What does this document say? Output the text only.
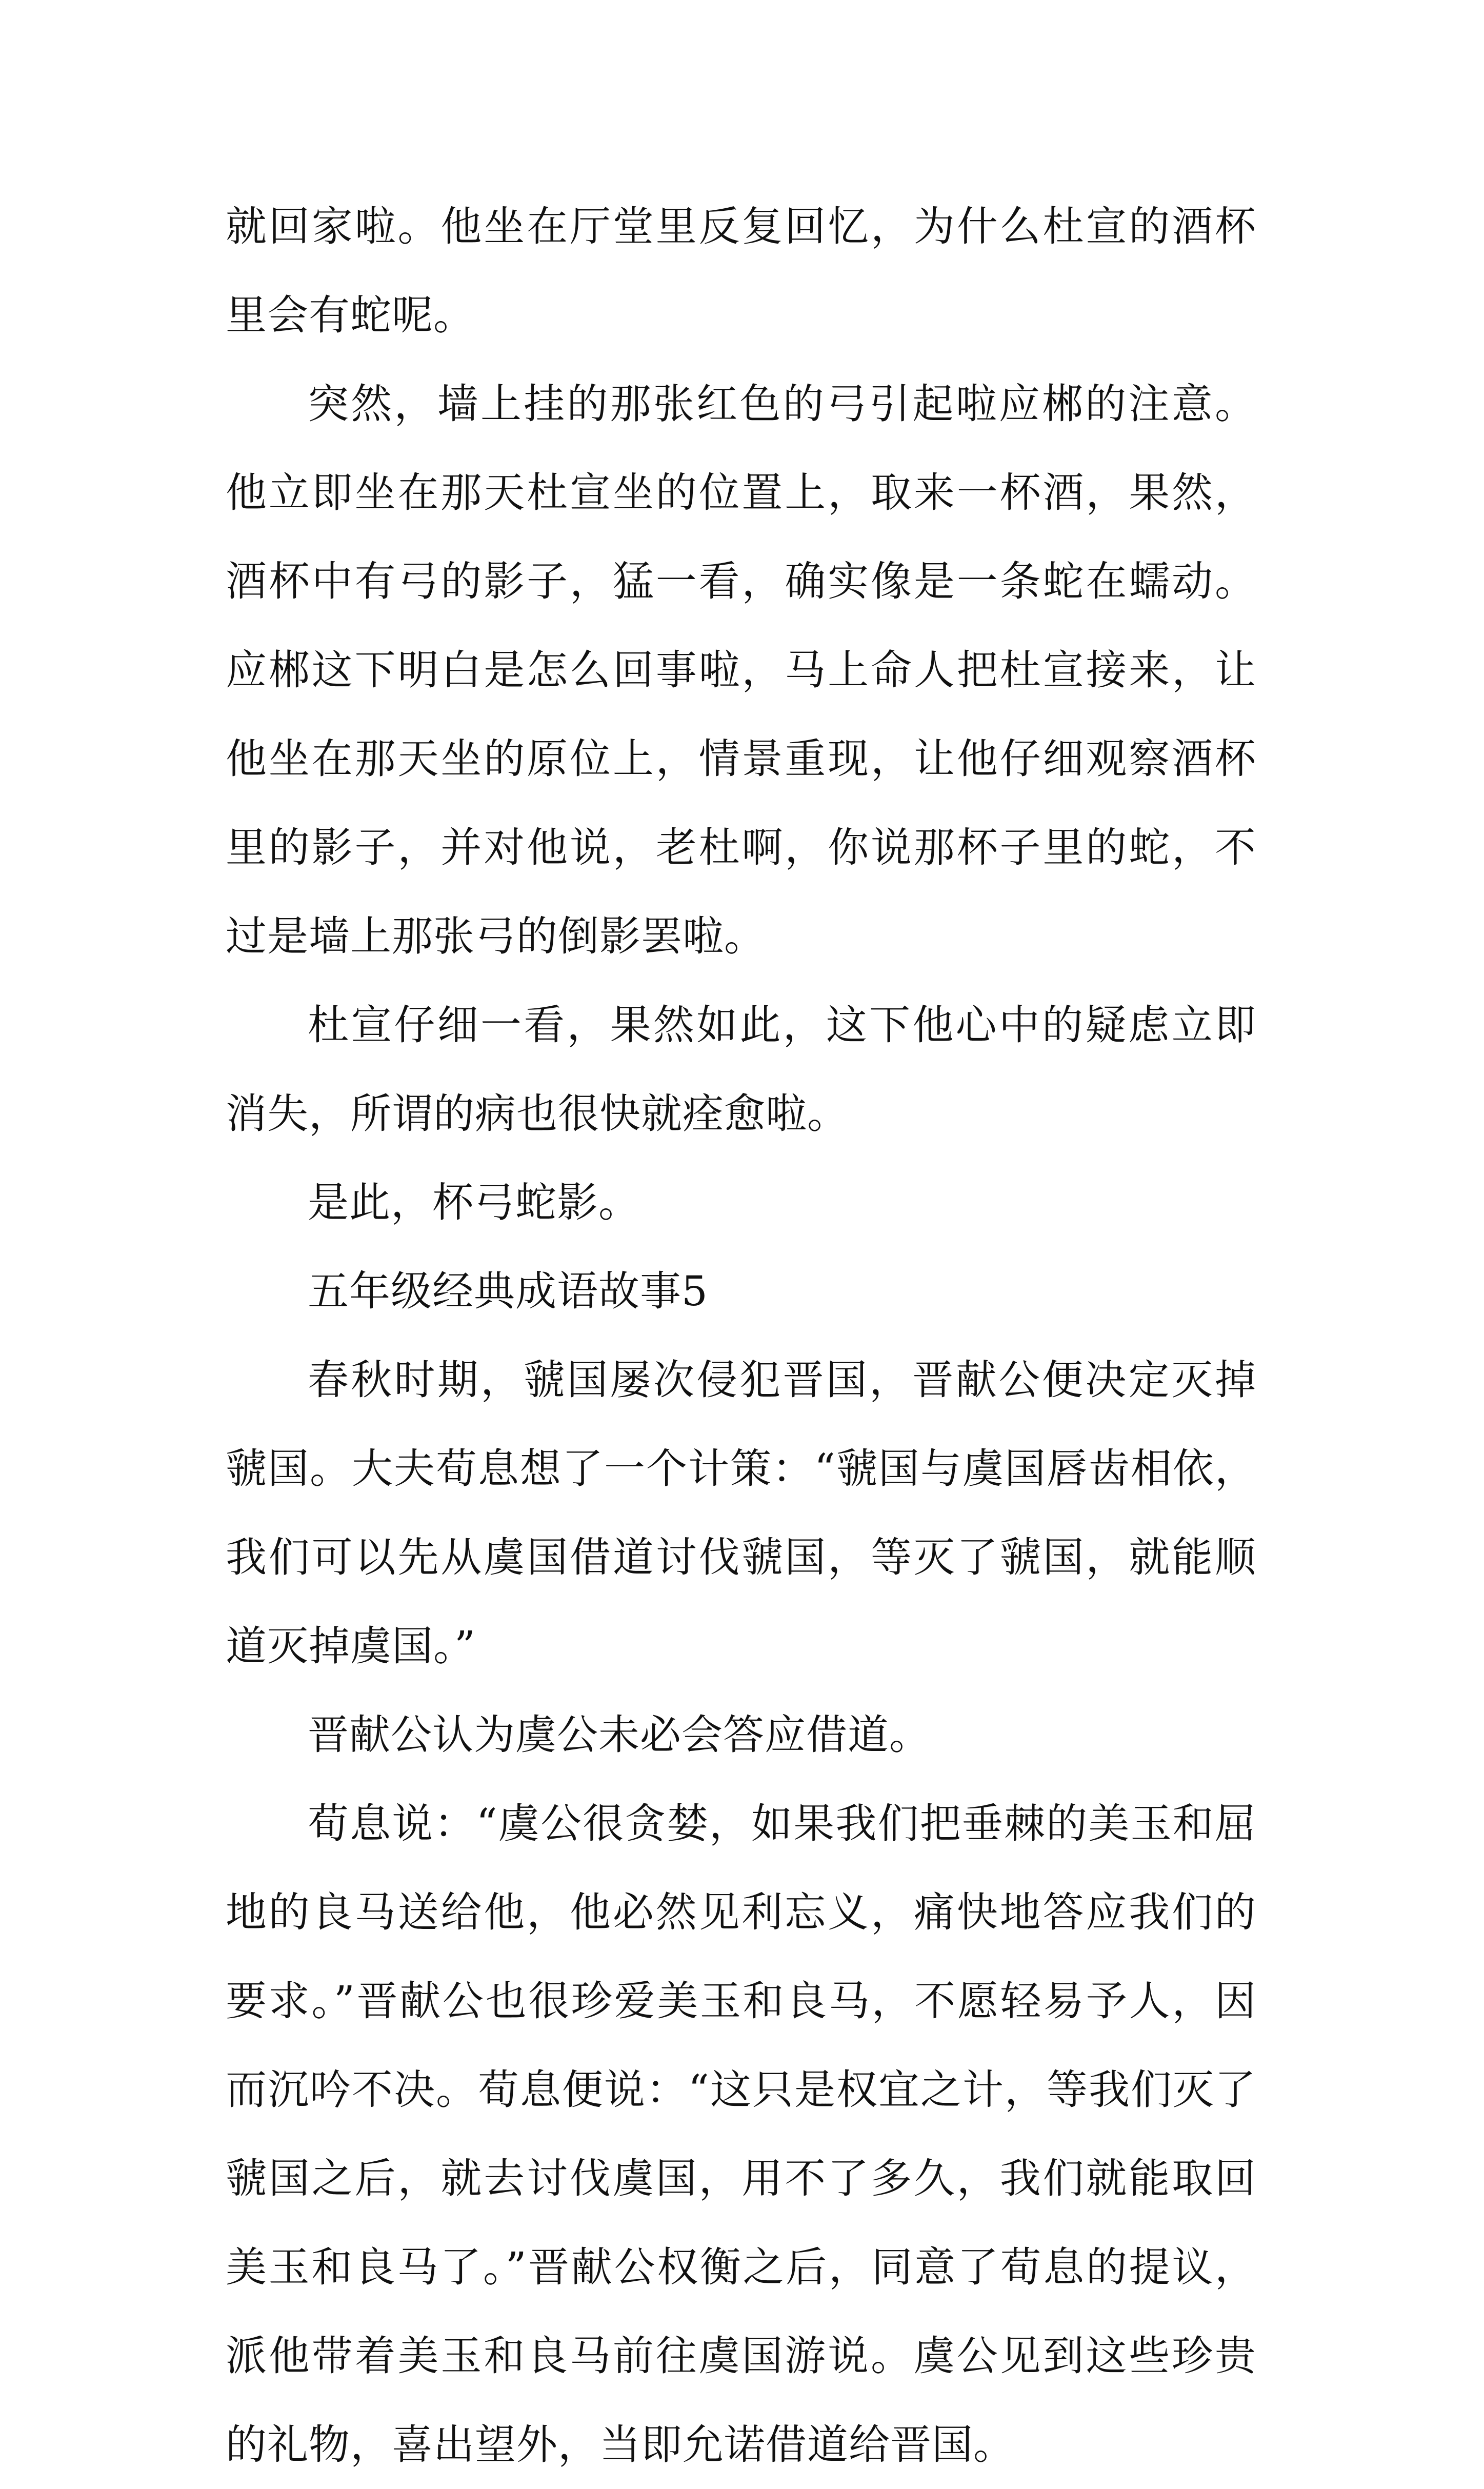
就回家啦。他坐在厅堂里反复回忆，为什么杜宣的酒杯里会有蛇呢。

突然，墙上挂的那张红色的弓引起啦应郴的注意。他立即坐在那天杜宣坐的位置上，取来一杯酒，果然，酒杯中有弓的影子，猛一看，确实像是一条蛇在蠕动。应郴这下明白是怎么回事啦，马上命人把杜宣接来，让他坐在那天坐的原位上，情景重现，让他仔细观察酒杯里的影子，并对他说，老杜啊，你说那杯子里的蛇，不过是墙上那张弓的倒影罢啦。

杜宣仔细一看，果然如此，这下他心中的疑虑立即消失，所谓的病也很快就痊愈啦。

是此，杯弓蛇影。

五年级经典成语故事5

春秋时期，虢国屡次侵犯晋国，晋献公便决定灭掉虢国。大夫荀息想了一个计策：“虢国与虞国唇齿相依，我们可以先从虞国借道讨伐虢国，等灭了虢国，就能顺道灭掉虞国。”

晋献公认为虞公未必会答应借道。

荀息说：“虞公很贪婪，如果我们把垂棘的美玉和屈地的良马送给他，他必然见利忘义，痛快地答应我们的要求。”晋献公也很珍爱美玉和良马，不愿轻易予人，因而沉吟不决。荀息便说：“这只是权宜之计，等我们灭了虢国之后，就去讨伐虞国，用不了多久，我们就能取回美玉和良马了。”晋献公权衡之后，同意了荀息的提议，派他带着美玉和良马前往虞国游说。虞公见到这些珍贵的礼物，喜出望外，当即允诺借道给晋国。
